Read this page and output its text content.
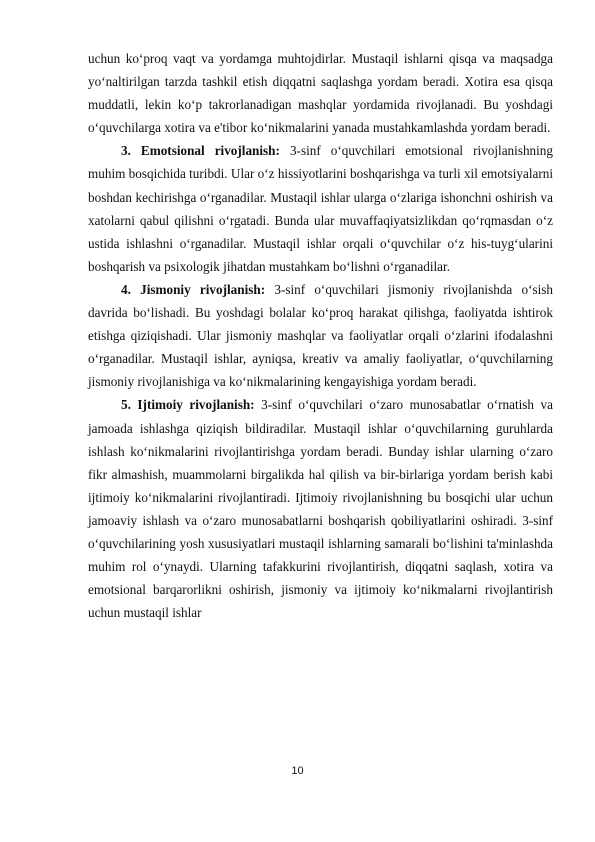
uchun ko‘proq vaqt va yordamga muhtojdirlar. Mustaqil ishlarni qisqa va maqsadga yo‘naltirilgan tarzda tashkil etish diqqatni saqlashga yordam beradi. Xotira esa qisqa muddatli, lekin ko‘p takrorlanadigan mashqlar yordamida rivojlanadi. Bu yoshdagi o‘quvchilarga xotira va e'tibor ko‘nikmalarini yanada mustahkamlashda yordam beradi.

3. Emotsional rivojlanish: 3-sinf o‘quvchilari emotsional rivojlanishning muhim bosqichida turibdi. Ular o‘z hissiyotlarini boshqarishga va turli xil emotsiyalarni boshdan kechirishga o‘rganadilar. Mustaqil ishlar ularga o‘zlariga ishonchni oshirish va xatolarni qabul qilishni o‘rgatadi. Bunda ular muvaffaqiyatsizlikdan qo‘rqmasdan o‘z ustida ishlashni o‘rganadilar. Mustaqil ishlar orqali o‘quvchilar o‘z his-tuyg‘ularini boshqarish va psixologik jihatdan mustahkam bo‘lishni o‘rganadilar.

4. Jismoniy rivojlanish: 3-sinf o‘quvchilari jismoniy rivojlanishda o‘sish davrida bo‘lishadi. Bu yoshdagi bolalar ko‘proq harakat qilishga, faoliyatda ishtirok etishga qiziqishadi. Ular jismoniy mashqlar va faoliyatlar orqali o‘zlarini ifodalashni o‘rganadilar. Mustaqil ishlar, ayniqsa, kreativ va amaliy faoliyatlar, o‘quvchilarning jismoniy rivojlanishiga va ko‘nikmalarining kengayishiga yordam beradi.

5. Ijtimoiy rivojlanish: 3-sinf o‘quvchilari o‘zaro munosabatlar o‘rnatish va jamoada ishlashga qiziqish bildiradilar. Mustaqil ishlar o‘quvchilarning guruhlarda ishlash ko‘nikmalarini rivojlantirishga yordam beradi. Bunday ishlar ularning o‘zaro fikr almashish, muammolarni birgalikda hal qilish va bir-birlariga yordam berish kabi ijtimoiy ko‘nikmalarini rivojlantiradi. Ijtimoiy rivojlanishning bu bosqichi ular uchun jamoaviy ishlash va o‘zaro munosabatlarni boshqarish qobiliyatlarini oshiradi. 3-sinf o‘quvchilarining yosh xususiyatlari mustaqil ishlarning samarali bo‘lishini ta'minlashda muhim rol o‘ynaydi. Ularning tafakkurini rivojlantirish, diqqatni saqlash, xotira va emotsional barqarorlikni oshirish, jismoniy va ijtimoiy ko‘nikmalarni rivojlantirish uchun mustaqil ishlar

10
